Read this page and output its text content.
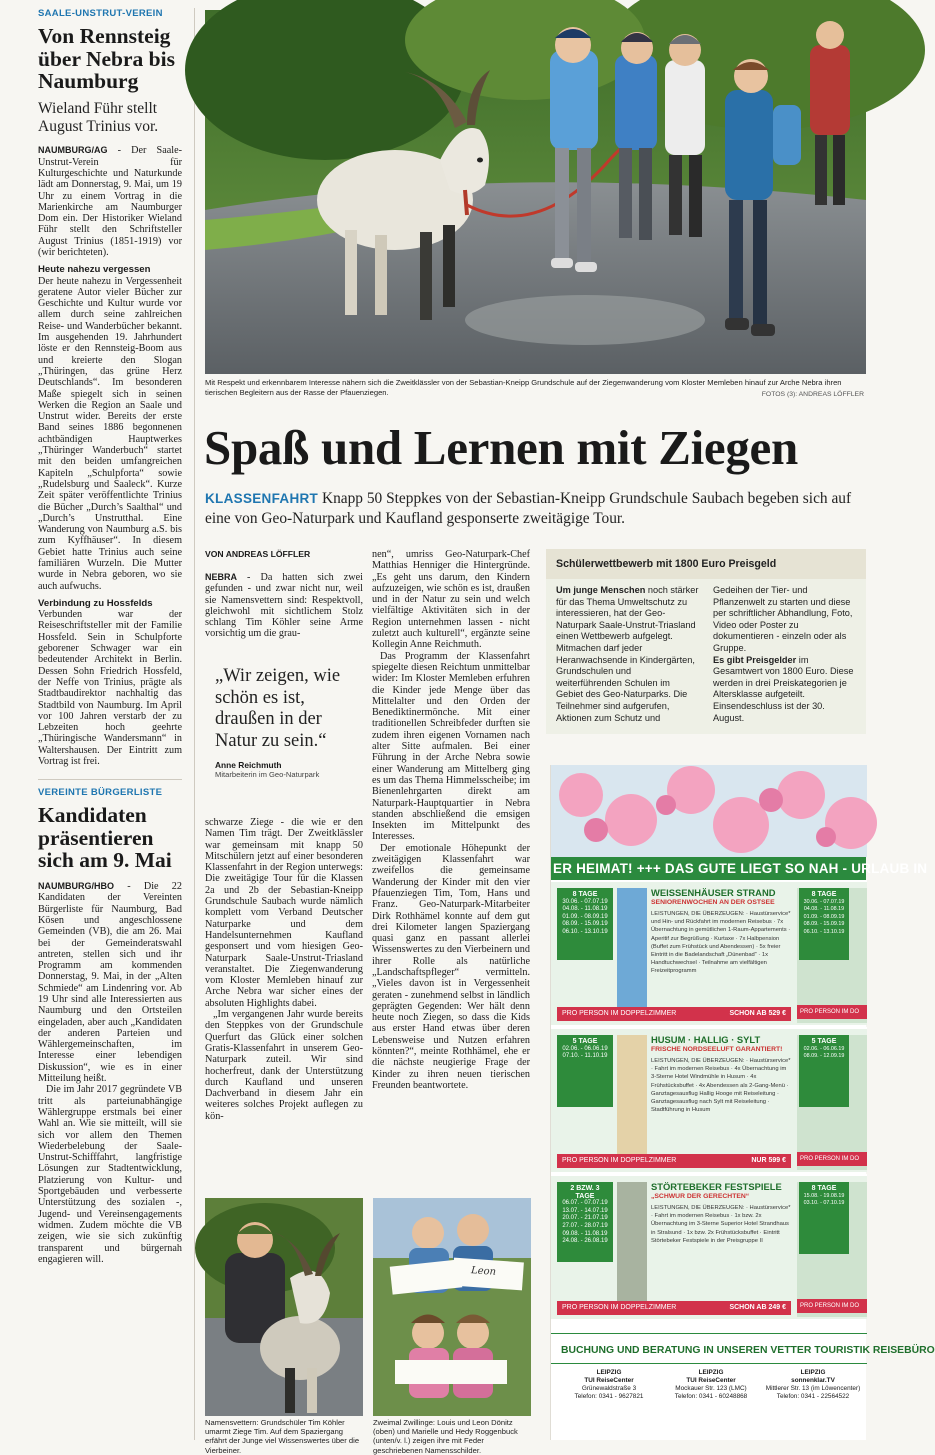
SAALE-UNSTRUT-VEREIN
Von Rennsteig über Nebra bis Naumburg
Wieland Führ stellt August Trinius vor.

NAUMBURG/AG - Der Saale-Unstrut-Verein für Kulturgeschichte und Naturkunde lädt am Donnerstag, 9. Mai, um 19 Uhr zu einem Vortrag in die Marienkirche am Naumburger Dom ein. Der Historiker Wieland Führ stellt den Schriftsteller August Trinius (1851-1919) vor (wir berichteten).

Heute nahezu vergessen

Der heute nahezu in Vergessenheit geratene Autor vieler Bücher zur Geschichte und Kultur wurde vor allem durch seine zahlreichen Reise- und Wanderbücher bekannt. Im ausgehenden 19. Jahrhundert löste er den Rennsteig-Boom aus und kreierte den Slogan „Thüringen, das grüne Herz Deutschlands“. Im besonderen Maße spiegelt sich in seinen Werken die Region an Saale und Unstrut wider. Bereits der erste Band seines 1886 begonnenen achtbändigen Hauptwerkes „Thüringer Wanderbuch“ startet mit den beiden umfangreichen Kapiteln „Schulpforta“ sowie „Rudelsburg und Saaleck“. Kurze Zeit später veröffentlichte Trinius die Bücher „Durch’s Saalthal“ und „Durch’s Unstrutthal. Eine Wanderung von Naumburg a.S. bis zum Kyffhäuser“. In diesem Gebiet hatte Trinius auch seine familiären Wurzeln. Die Mutter wurde in Nebra geboren, wo sie auch aufwuchs.

Verbindung zu Hossfelds

Verbunden war der Reiseschriftsteller mit der Familie Hossfeld. Sein in Schulpforte geborener Schwager war ein bedeutender Architekt in Berlin. Dessen Sohn Friedrich Hossfeld, der Neffe von Trinius, prägte als Stadtbaudirektor nachhaltig das Stadtbild von Naumburg. Im April vor 100 Jahren verstarb der zu Lebzeiten hoch geehrte „Thüringische Wandersmann“ in Waltershausen. Der Eintritt zum Vortrag ist frei.

VEREINTE BÜRGERLISTE
Kandidaten präsentieren sich am 9. Mai

NAUMBURG/HBO - Die 22 Kandidaten der Vereinten Bürgerliste für Naumburg, Bad Kösen und angeschlossene Gemeinden (VB), die am 26. Mai bei der Gemeinderatswahl antreten, stellen sich und ihr Programm am kommenden Donnerstag, 9. Mai, in der „Alten Schmiede“ am Lindenring vor. Ab 19 Uhr sind alle Interessierten aus Naumburg und den Ortsteilen eingeladen, aber auch „Kandidaten der anderen Parteien und Wählergemeinschaften, im Interesse einer lebendigen Diskussion“, wie es in einer Mitteilung heißt.

Die im Jahr 2017 gegründete VB tritt als parteiunabhängige Wählergruppe erstmals bei einer Wahl an. Wie sie mitteilt, will sie sich vor allem den Themen Wiederbelebung der Saale-Unstrut-Schifffahrt, langfristige Lösungen zur Stadtentwicklung, Platzierung von Kultur- und Sportgebäuden und verbesserte Unterstützung des sozialen -, Jugend- und Vereinsengagements widmen. Zudem möchte die VB zeigen, wie sie sich zukünftig transparent und bürgernah engagieren will.

Mit Respekt und erkennbarem Interesse nähern sich die Zweitklässler von der Sebastian-Kneipp Grundschule auf der Ziegenwanderung vom Kloster Memleben hinauf zur Arche Nebra ihren tierischen Begleitern aus der Rasse der Pfauenziegen.	FOTOS (3): ANDREAS LÖFFLER
Spaß und Lernen mit Ziegen
KLASSENFAHRT Knapp 50 Steppkes von der Sebastian-Kneipp Grundschule Saubach begeben sich auf eine von Geo-Naturpark und Kaufland gesponserte zweitägige Tour.
VON ANDREAS LÖFFLER

NEBRA - Da hatten sich zwei gefunden - und zwar nicht nur, weil sie Namensvettern sind: Respektvoll, gleichwohl mit sichtlichem Stolz schlang Tim Köhler seine Arme vorsichtig um die grau-

„Wir zeigen, wie schön es ist, draußen in der Natur zu sein.“
Anne Reichmuth
Mitarbeiterin im Geo-Naturpark

schwarze Ziege - die wie er den Namen Tim trägt. Der Zweitklässler war gemeinsam mit knapp 50 Mitschülern jetzt auf einer besonderen Klassenfahrt in der Region unterwegs: Die zweitägige Tour für die Klassen 2a und 2b der Sebastian-Kneipp Grundschule Saubach wurde nämlich komplett vom Verband Deutscher Naturparke und dem Handelsunternehmen Kaufland gesponsert und vom hiesigen Geo-Naturpark Saale-Unstrut-Triasland veranstaltet. Die Ziegenwanderung vom Kloster Memleben hinauf zur Arche Nebra war sicher eines der absoluten Highlights dabei.

„Im vergangenen Jahr wurde bereits den Steppkes von der Grundschule Querfurt das Glück einer solchen Gratis-Klassenfahrt in unserem Geo-Naturpark zuteil. Wir sind hocherfreut, dank der Unterstützung durch Kaufland und unseren Dachverband in diesem Jahr ein weiteres solches Projekt auflegen zu kön-

nen“, umriss Geo-Naturpark-Chef Matthias Henniger die Hintergründe. „Es geht uns darum, den Kindern aufzuzeigen, wie schön es ist, draußen und in der Natur zu sein und welch vielfältige Aktivitäten sich in der Region unternehmen lassen - nicht zuletzt auch kulturell“, ergänzte seine Kollegin Anne Reichmuth.

Das Programm der Klassenfahrt spiegelte diesen Reichtum unmittelbar wider: Im Kloster Memleben erfuhren die Kinder jede Menge über das Mittelalter und den Orden der Benediktinermönche. Mit einer traditionellen Schreibfeder durften sie zudem ihren eigenen Vornamen nach alter Sitte aufmalen. Bei einer Führung in der Arche Nebra sowie einer Wanderung am Mittelberg ging es um das Thema Himmelsscheibe; im Bienenlehrgarten direkt am Naturpark-Hauptquartier in Nebra standen abschließend die emsigen Insekten im Mittelpunkt des Interesses.

Der emotionale Höhepunkt der zweitägigen Klassenfahrt war zweifellos die gemeinsame Wanderung der Kinder mit den vier Pfauenziegen Tim, Tom, Hans und Franz. Geo-Naturpark-Mitarbeiter Dirk Rothhämel konnte auf dem gut drei Kilometer langen Spaziergang quasi ganz en passant allerlei Wissenswertes zu den Vierbeinern und ihrer Rolle als natürliche „Landschaftspfleger“ vermitteln. „Vieles davon ist in Vergessenheit geraten - zunehmend selbst in ländlich geprägten Gegenden: Wer hält denn heute noch Ziegen, so dass die Kids aus erster Hand etwas über deren Lebensweise und Nutzen erfahren könnten?“, meinte Rothhämel, ehe er die nächste neugierige Frage der Kinder zu ihren neuen tierischen Freunden beantwortete.

Schülerwettbewerb mit 1800 Euro Preisgeld
Um junge Menschen noch stärker für das Thema Umweltschutz zu interessieren, hat der Geo-Naturpark Saale-Unstrut-Triasland einen Wettbewerb aufgelegt. Mitmachen darf jeder Heranwachsende in Kindergärten, Grundschulen und weiterführenden Schulen im Gebiet des Geo-Naturparks. Die Teilnehmer sind aufgerufen, Aktionen zum Schutz und
Gedeihen der Tier- und Pflanzenwelt zu starten und diese per schriftlicher Abhandlung, Foto, Video oder Poster zu dokumentieren - einzeln oder als Gruppe.
Es gibt Preisgelder im Gesamtwert von 1800 Euro. Diese werden in drei Preiskategorien je Altersklasse aufgeteilt. Einsendeschluss ist der 30. August.
Leon
Namensvettern: Grundschüler Tim Köhler umarmt Ziege Tim. Auf dem Spaziergang erfährt der Junge viel Wissenswertes über die Vierbeiner.
Zweimal Zwillinge: Louis und Leon Dönitz (oben) und Marielle und Hedy Roggenbuck (unten/v. l.) zeigen ihre mit Feder geschriebenen Namensschilder.
ER HEIMAT! +++ DAS GUTE LIEGT SO NAH - URLAUB IN
8 TAGE
30.06. - 07.07.19
04.08. - 11.08.19
01.09. - 08.09.19
08.09. - 15.09.19
06.10. - 13.10.19
WEISSENHÄUSER STRAND
SENIORENWOCHEN AN DER OSTSEE
LEISTUNGEN, DIE ÜBERZEUGEN: · Haustürservice* und Hin- und Rückfahrt im modernen Reisebus · 7x Übernachtung in gemütlichen 1-Raum-Appartements · Aperitif zur Begrüßung · Kurtaxe · 7x Halbpension (Buffet zum Frühstück und Abendessen) · 5x freier Eintritt in die Badelandschaft „Dünenbad“ · 1x Handtuchwechsel · Teilnahme am vielfältigen Freizeitprogramm
SCHON AB 529 €
PRO PERSON IM DOPPELZIMMER
8 TAGE
30.06. - 07.07.19
04.08. - 11.08.19
01.09. - 08.09.19
08.09. - 15.09.19
06.10. - 13.10.19
PRO PERSON IM DO
5 TAGE
02.06. - 06.06.19
07.10. - 11.10.19
HUSUM · HALLIG · SYLT
FRISCHE NORDSEELUFT GARANTIERT!
LEISTUNGEN, DIE ÜBERZEUGEN: · Haustürservice* · Fahrt im modernen Reisebus · 4x Übernachtung im 3-Sterne Hotel Windmühle in Husum · 4x Frühstücksbuffet · 4x Abendessen als 2-Gang-Menü · Ganztagesausflug Hallig Hooge mit Reiseleitung · Ganztagesausflug nach Sylt mit Reiseleitung · Stadtführung in Husum
NUR 599 €
PRO PERSON IM DOPPELZIMMER
5 TAGE
02.06. - 06.06.19
08.09. - 12.09.19
PRO PERSON IM DO
2 BZW. 3 TAGE
06.07. - 07.07.19
13.07. - 14.07.19
20.07. - 21.07.19
27.07. - 28.07.19
09.08. - 11.08.19
24.08. - 26.08.19
STÖRTEBEKER FESTSPIELE
„SCHWUR DER GERECHTEN“
LEISTUNGEN, DIE ÜBERZEUGEN: · Haustürservice* · Fahrt im modernen Reisebus · 1x bzw. 2x Übernachtung im 3-Sterne Superior Hotel Strandhaus in Stralsund · 1x bzw. 2x Frühstücksbuffet · Eintritt Störtebeker Festspiele in der Preisgruppe II
SCHON AB 249 €
PRO PERSON IM DOPPELZIMMER
8 TAGE
15.08. - 19.08.19
03.10. - 07.10.19
PRO PERSON IM DO
BUCHUNG UND BERATUNG IN UNSEREN VETTER TOURISTIK REISEBÜRO
LEIPZIG
TUI ReiseCenter
Grünewaldstraße 3
Telefon: 0341 - 9627821
LEIPZIG
TUI ReiseCenter
Mockauer Str. 123 (LMC)
Telefon: 0341 - 60248868
LEIPZIG
sonnenklar.TV
Mittlerer Str. 13 (im Löwencenter)
Telefon: 0341 - 22564522
